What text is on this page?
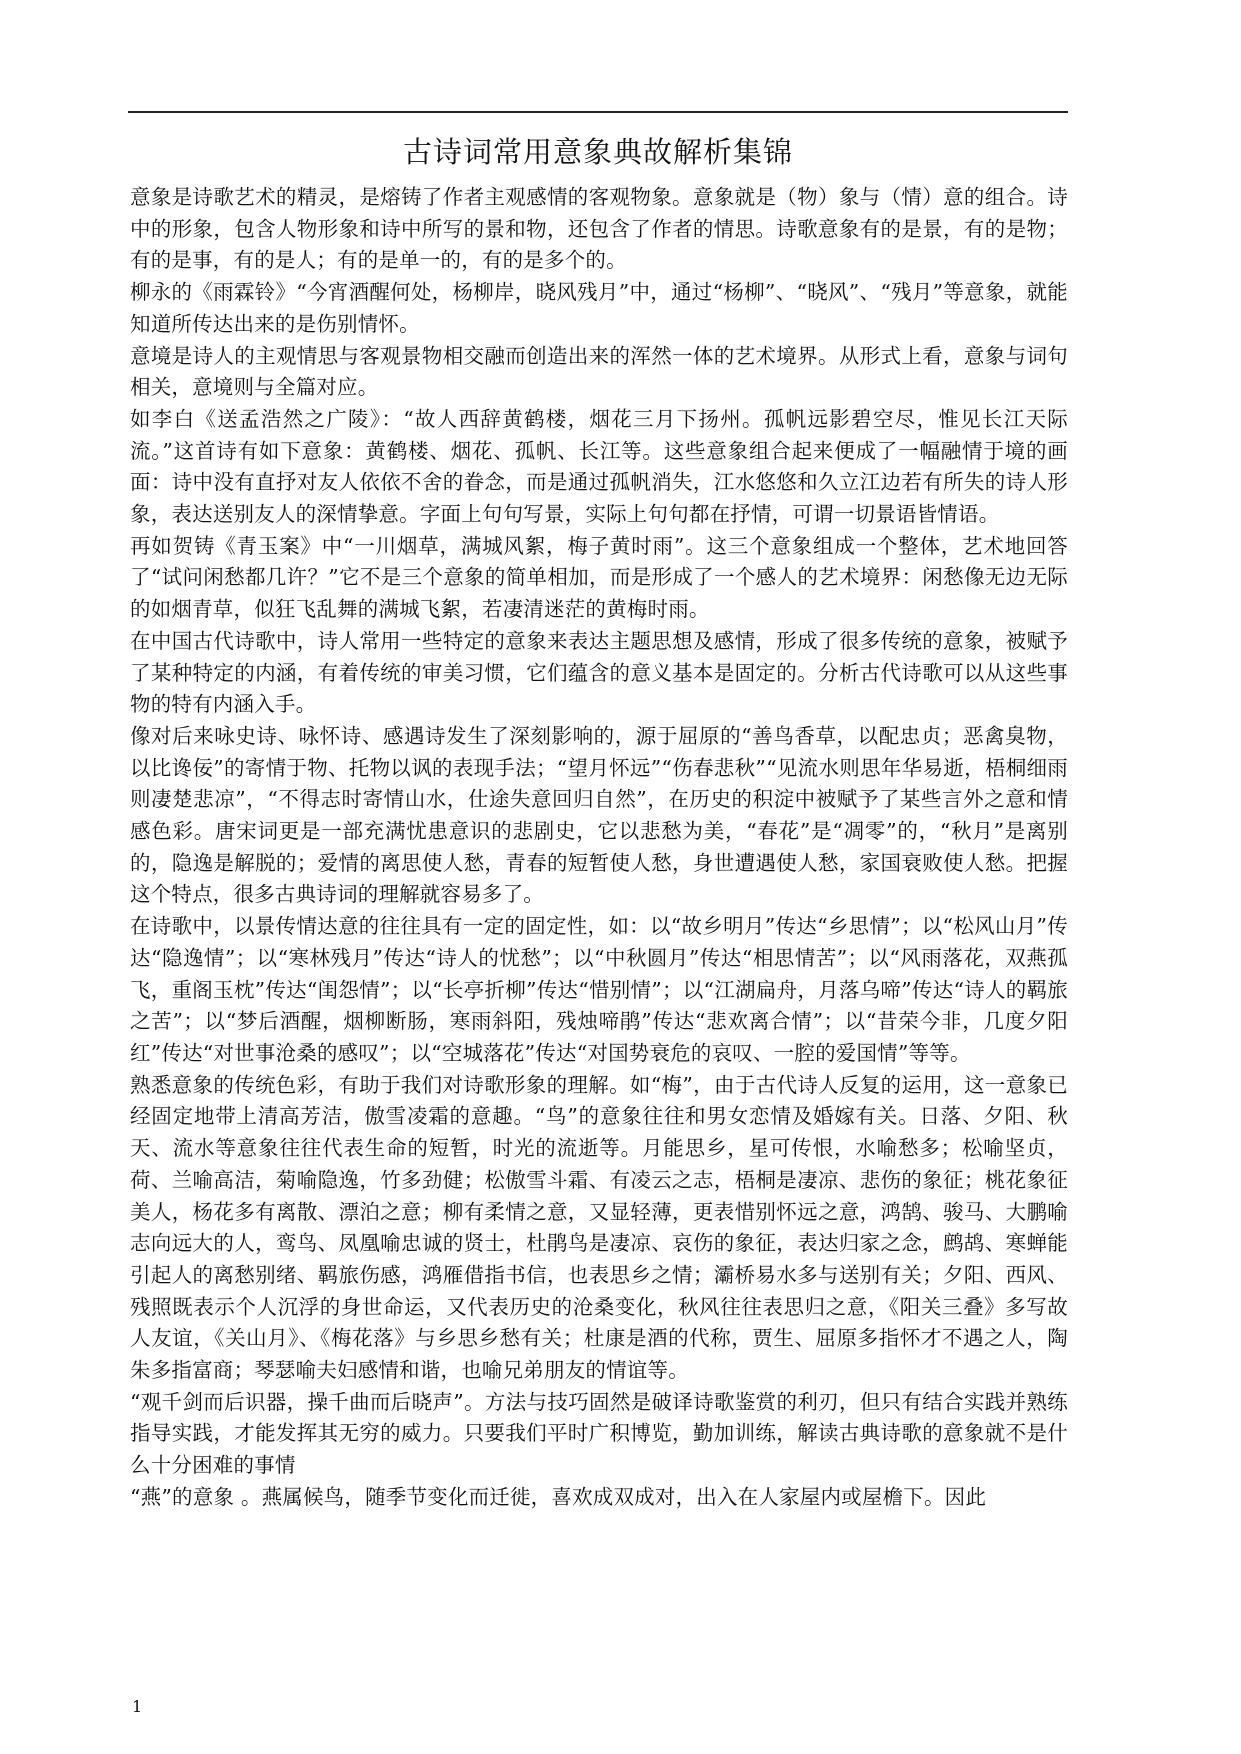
古诗词常用意象典故解析集锦

意象是诗歌艺术的精灵，是熔铸了作者主观感情的客观物象。意象就是（物）象与（情）意的组合。诗中的形象，包含人物形象和诗中所写的景和物，还包含了作者的情思。诗歌意象有的是景，有的是物；有的是事，有的是人；有的是单一的，有的是多个的。

柳永的《雨霖铃》“今宵酒醒何处，杨柳岸，晓风残月”中，通过“杨柳”、“晓风”、“残月”等意象，就能知道所传达出来的是伤别情怀。

意境是诗人的主观情思与客观景物相交融而创造出来的浑然一体的艺术境界。从形式上看，意象与词句相关，意境则与全篇对应。

如李白《送孟浩然之广陵》：“故人西辞黄鹤楼，烟花三月下扬州。孤帆远影碧空尽，惟见长江天际流。”这首诗有如下意象：黄鹤楼、烟花、孤帆、长江等。这些意象组合起来便成了一幅融情于境的画面：诗中没有直抒对友人依依不舍的眷念，而是通过孤帆消失，江水悠悠和久立江边若有所失的诗人形象，表达送别友人的深情挚意。字面上句句写景，实际上句句都在抒情，可谓一切景语皆情语。

再如贺铸《青玉案》中“一川烟草，满城风絮，梅子黄时雨”。这三个意象组成一个整体，艺术地回答了“试问闲愁都几许？”它不是三个意象的简单相加，而是形成了一个感人的艺术境界：闲愁像无边无际的如烟青草，似狂飞乱舞的满城飞絮，若凄清迷茫的黄梅时雨。

在中国古代诗歌中，诗人常用一些特定的意象来表达主题思想及感情，形成了很多传统的意象，被赋予了某种特定的内涵，有着传统的审美习惯，它们蕴含的意义基本是固定的。分析古代诗歌可以从这些事物的特有内涵入手。

像对后来咏史诗、咏怀诗、感遇诗发生了深刻影响的，源于屈原的“善鸟香草，以配忠贞；恶禽臭物，以比谗佞”的寄情于物、托物以讽的表现手法；“望月怀远”“伤春悲秋”“见流水则思年华易逝，梧桐细雨则凄楚悲凉”，“不得志时寄情山水，仕途失意回归自然”，在历史的积淀中被赋予了某些言外之意和情感色彩。唐宋词更是一部充满忧患意识的悲剧史，它以悲愁为美，“春花”是“凋零”的，“秋月”是离别的，隐逸是解脱的；爱情的离思使人愁，青春的短暂使人愁，身世遭遇使人愁，家国衰败使人愁。把握这个特点，很多古典诗词的理解就容易多了。

在诗歌中，以景传情达意的往往具有一定的固定性，如：以“故乡明月”传达“乡思情”；以“松风山月”传达“隐逸情”；以“寒林残月”传达“诗人的忧愁”；以“中秋圆月”传达“相思情苦”；以“风雨落花，双燕孤飞，重阁玉枕”传达“闺怨情”；以“长亭折柳”传达“惜别情”；以“江湖扁舟，月落乌啼”传达“诗人的羁旅之苦”；以“梦后酒醒，烟柳断肠，寒雨斜阳，残烛啼鹃”传达“悲欢离合情”；以“昔荣今非，几度夕阳红”传达“对世事沧桑的感叹”；以“空城落花”传达“对国势衰危的哀叹、一腔的爱国情”等等。

熟悉意象的传统色彩，有助于我们对诗歌形象的理解。如“梅”，由于古代诗人反复的运用，这一意象已经固定地带上清高芳洁，傲雪凌霜的意趣。“鸟”的意象往往和男女恋情及婚嫁有关。日落、夕阳、秋天、流水等意象往往代表生命的短暂，时光的流逝等。月能思乡，星可传恨，水喻愁多；松喻坚贞，荷、兰喻高洁，菊喻隐逸，竹多劲健；松傲雪斗霜、有凌云之志，梧桐是凄凉、悲伤的象征；桃花象征美人，杨花多有离散、漂泊之意；柳有柔情之意，又显轻薄，更表惜别怀远之意，鸿鹄、骏马、大鹏喻志向远大的人，鸾鸟、凤凰喻忠诚的贤士，杜鹃鸟是凄凉、哀伤的象征，表达归家之念，鹧鸪、寒蝉能引起人的离愁别绪、羁旅伤感，鸿雁借指书信，也表思乡之情；灞桥易水多与送别有关；夕阳、西风、残照既表示个人沉浮的身世命运，又代表历史的沧桑变化，秋风往往表思归之意，《阳关三叠》多写故人友谊，《关山月》、《梅花落》与乡思乡愁有关；杜康是酒的代称，贾生、屈原多指怀才不遇之人，陶朱多指富商；琴瑟喻夫妇感情和谐，也喻兄弟朋友的情谊等。

“观千剑而后识器，操千曲而后晓声”。方法与技巧固然是破译诗歌鉴赏的利刃，但只有结合实践并熟练指导实践，才能发挥其无穷的威力。只要我们平时广积博览，勤加训练，解读古典诗歌的意象就不是什么十分困难的事情

“燕”的意象 。燕属候鸟，随季节变化而迁徙，喜欢成双成对，出入在人家屋内或屋檐下。因此

1
